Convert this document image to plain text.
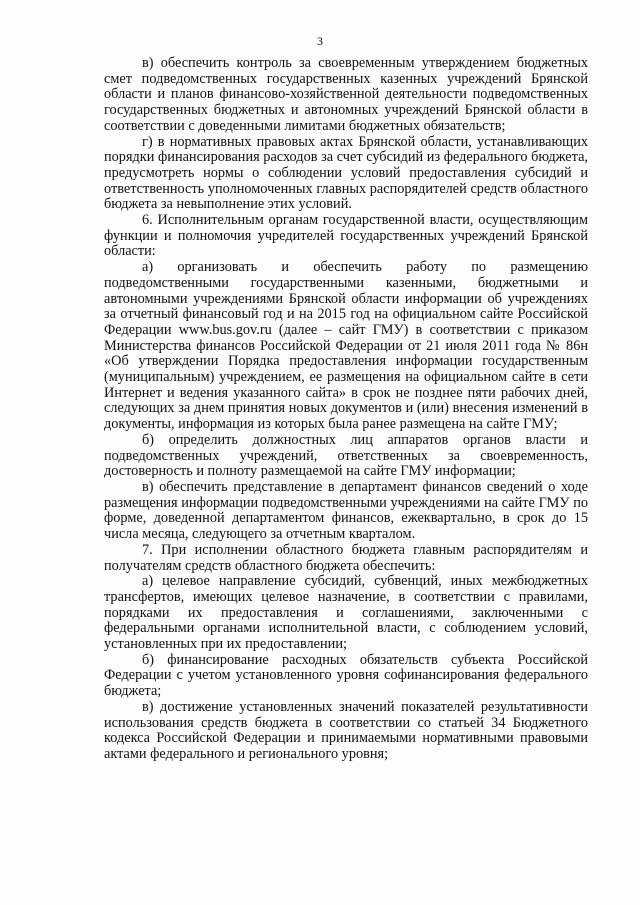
3

в) обеспечить контроль за своевременным утверждением бюджетных смет подведомственных государственных казенных учреждений Брянской области и планов финансово-хозяйственной деятельности подведомственных государственных бюджетных и автономных учреждений Брянской области в соответствии с доведенными лимитами бюджетных обязательств;

г) в нормативных правовых актах Брянской области, устанавливающих порядки финансирования расходов за счет субсидий из федерального бюджета, предусмотреть нормы о соблюдении условий предоставления субсидий и ответственность уполномоченных главных распорядителей средств областного бюджета за невыполнение этих условий.

6. Исполнительным органам государственной власти, осуществляющим функции и полномочия учредителей государственных учреждений Брянской области:

а) организовать и обеспечить работу по размещению подведомственными государственными казенными, бюджетными и автономными учреждениями Брянской области информации об учреждениях за отчетный финансовый год и на 2015 год на официальном сайте Российской Федерации www.bus.gov.ru (далее – сайт ГМУ) в соответствии с приказом Министерства финансов Российской Федерации от 21 июля 2011 года № 86н «Об утверждении Порядка предоставления информации государственным (муниципальным) учреждением, ее размещения на официальном сайте в сети Интернет и ведения указанного сайта» в срок не позднее пяти рабочих дней, следующих за днем принятия новых документов и (или) внесения изменений в документы, информация из которых была ранее размещена на сайте ГМУ;

б) определить должностных лиц аппаратов органов власти и подведомственных учреждений, ответственных за своевременность, достоверность и полноту размещаемой на сайте ГМУ информации;

в) обеспечить представление в департамент финансов сведений о ходе размещения информации подведомственными учреждениями на сайте ГМУ по форме, доведенной департаментом финансов, ежеквартально, в срок до 15 числа месяца, следующего за отчетным кварталом.

7. При исполнении областного бюджета главным распорядителям и получателям средств областного бюджета обеспечить:

а) целевое направление субсидий, субвенций, иных межбюджетных трансфертов, имеющих целевое назначение, в соответствии с правилами, порядками их предоставления и соглашениями, заключенными с федеральными органами исполнительной власти, с соблюдением условий, установленных при их предоставлении;

б) финансирование расходных обязательств субъекта Российской Федерации с учетом установленного уровня софинансирования федерального бюджета;

в) достижение установленных значений показателей результативности использования средств бюджета в соответствии со статьей 34 Бюджетного кодекса Российской Федерации и принимаемыми нормативными правовыми актами федерального и регионального уровня;
